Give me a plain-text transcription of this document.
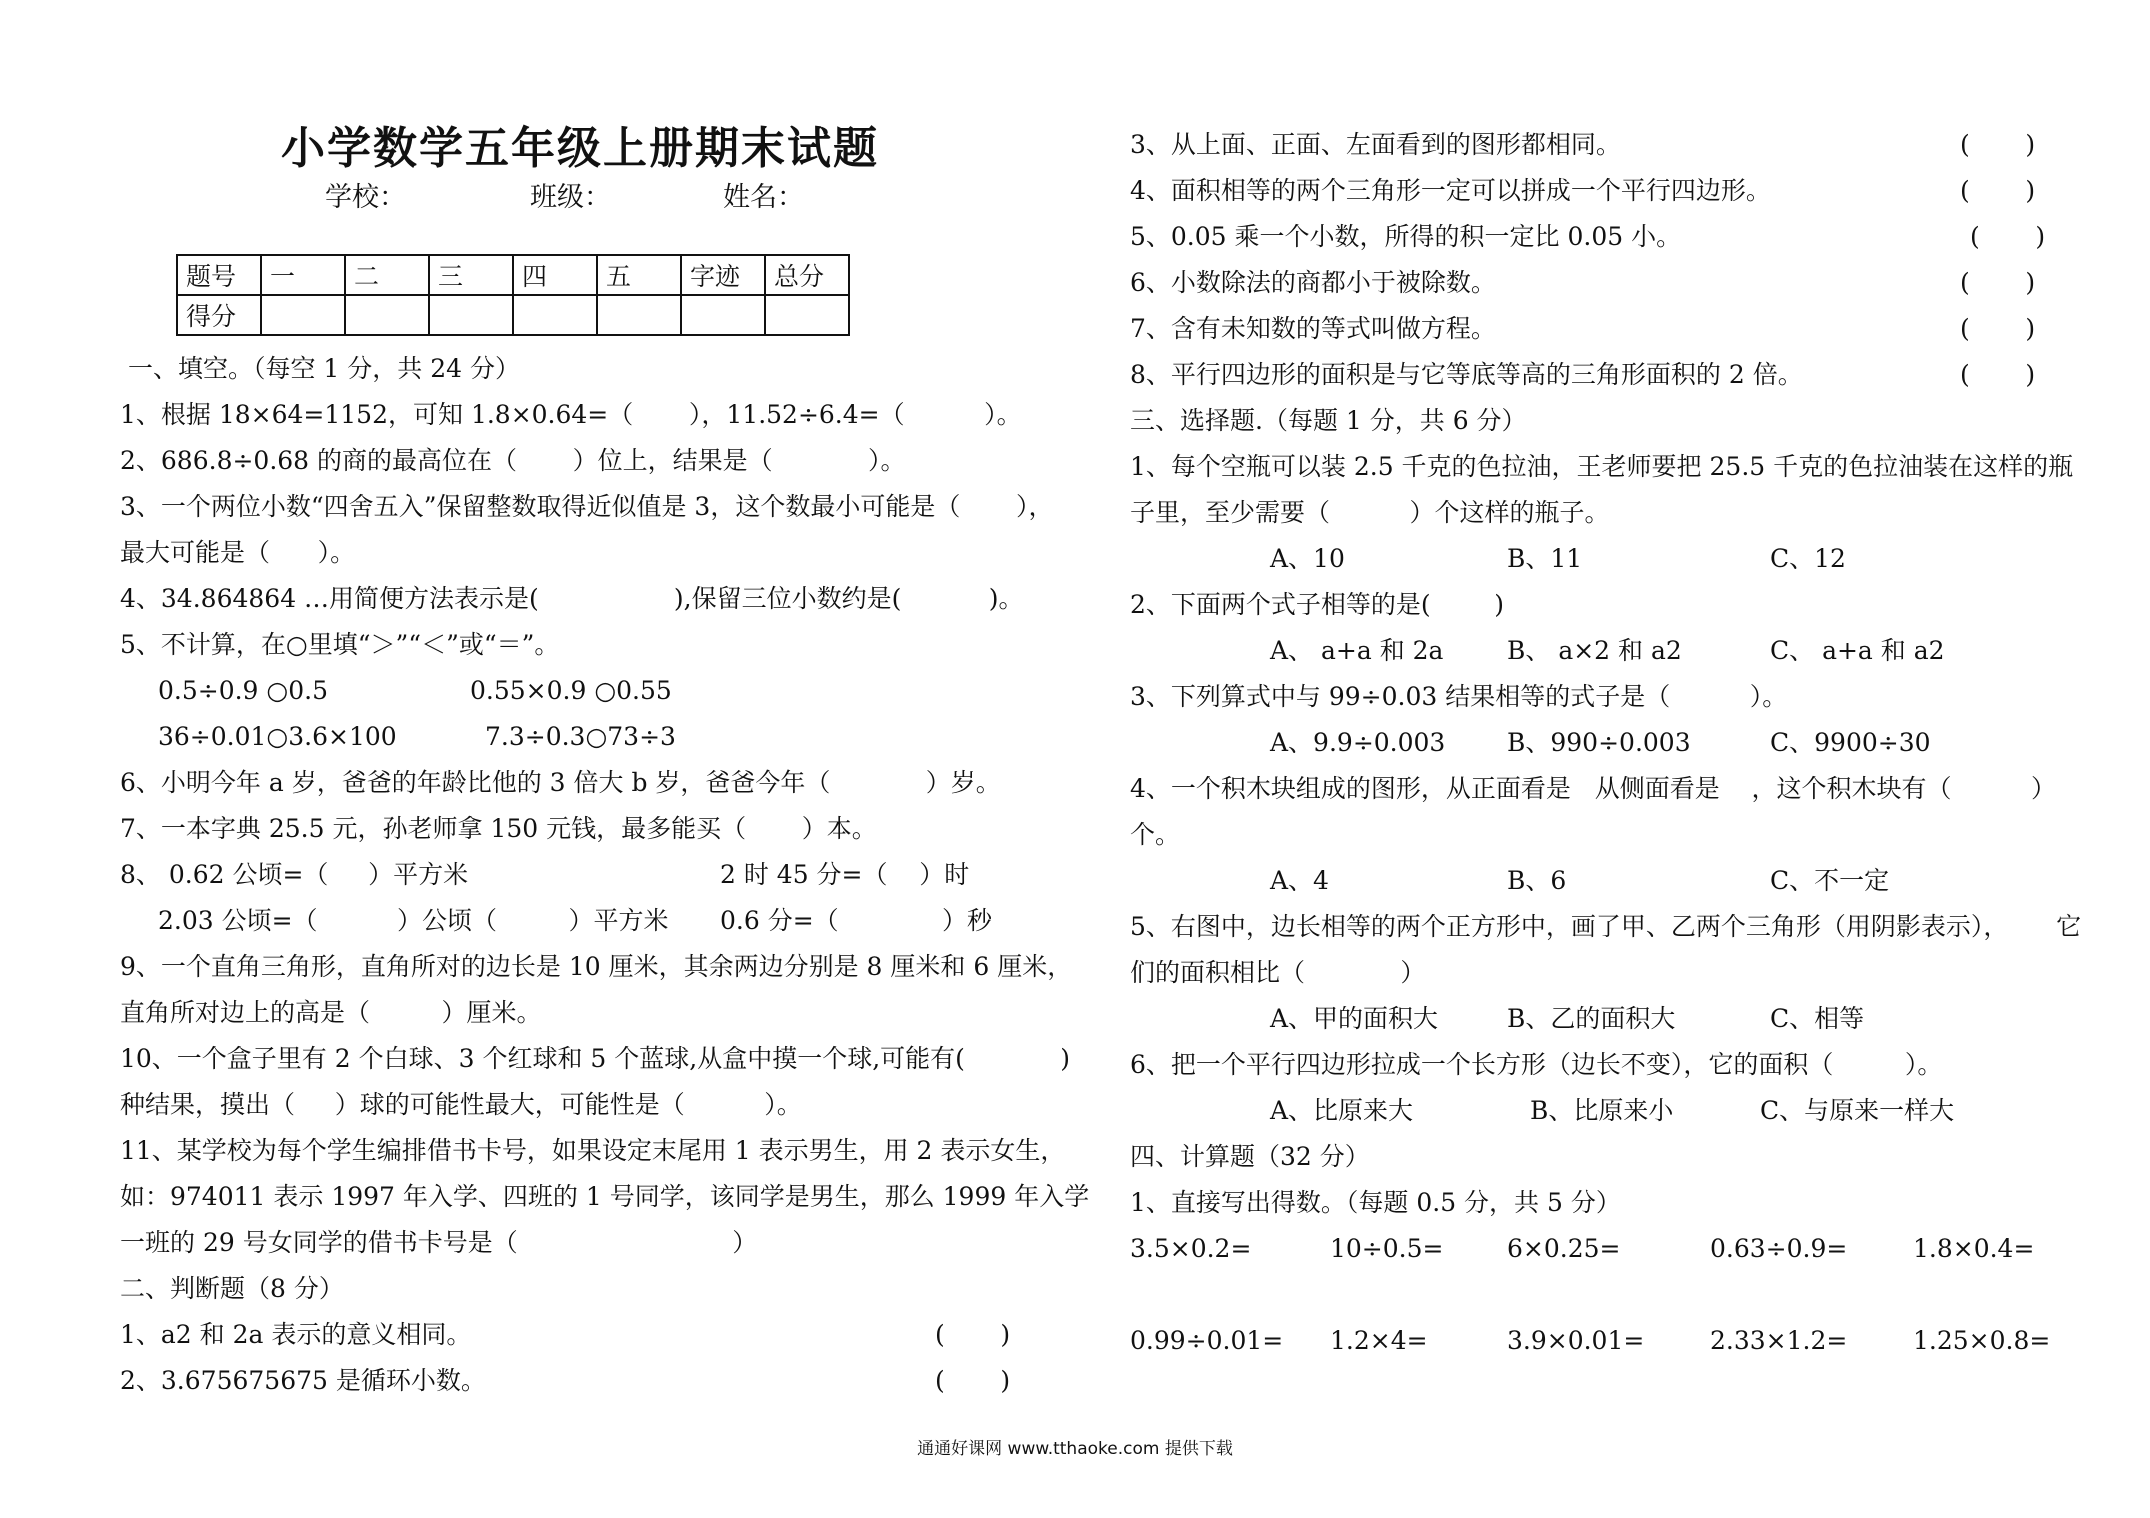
小学数学五年级上册期末试题
学校：	班级：	姓名：
题号	一	二	三	四	五	字迹	总分
得分							
一、填空。（每空 1 分，共 24 分）
1、根据 18×64=1152，可知 1.8×0.64=（       ），11.52÷6.4=（          ）。
2、686.8÷0.68 的商的最高位在（       ）位上，结果是（            ）。
3、一个两位小数“四舍五入”保留整数取得近似值是 3，这个数最小可能是（       ），
最大可能是（      ）。
4、34.864864 …用简便方法表示是(                 ),保留三位小数约是(           )。
5、不计算，在○里填“＞”“＜”或“＝”。
0.5÷0.9 ○0.5	0.55×0.9 ○0.55
36÷0.01○3.6×100	7.3÷0.3○73÷3
6、小明今年 a 岁，爸爸的年龄比他的 3 倍大 b 岁，爸爸今年（            ）岁。
7、一本字典 25.5 元，孙老师拿 150 元钱，最多能买（       ）本。
8、 0.62 公顷=（     ）平方米	2 时 45 分=（    ）时
2.03 公顷=（          ）公顷（         ）平方米 0.6 分=（             ）秒
9、一个直角三角形，直角所对的边长是 10 厘米，其余两边分别是 8 厘米和 6 厘米，
直角所对边上的高是（         ）厘米。
10、一个盒子里有 2 个白球、3 个红球和 5 个蓝球,从盒中摸一个球,可能有(            )
种结果，摸出（     ）球的可能性最大，可能性是（          ）。
11、某学校为每个学生编排借书卡号，如果设定末尾用 1 表示男生，用 2 表示女生，
如：974011 表示 1997 年入学、四班的 1 号同学，该同学是男生，那么 1999 年入学
一班的 29 号女同学的借书卡号是（                           ）
二、判断题（8 分）
1、a2 和 2a 表示的意义相同。	(       )
2、3.675675675 是循环小数。	(       )
3、从上面、正面、左面看到的图形都相同。	(       )
4、面积相等的两个三角形一定可以拼成一个平行四边形。	(       )
5、0.05 乘一个小数，所得的积一定比 0.05 小。	(       )
6、小数除法的商都小于被除数。	(       )
7、含有未知数的等式叫做方程。	(       )
8、平行四边形的面积是与它等底等高的三角形面积的 2 倍。	(       )
三、选择题.（每题 1 分，共 6 分）
1、每个空瓶可以装 2.5 千克的色拉油，王老师要把 25.5 千克的色拉油装在这样的瓶
子里，至少需要（          ）个这样的瓶子。
A、10	B、11	C、12
2、下面两个式子相等的是(        )
A、 a+a 和 2a	B、 a×2 和 a2	C、 a+a 和 a2
3、下列算式中与 99÷0.03 结果相等的式子是（          ）。
A、9.9÷0.003 B、990÷0.003	C、9900÷30
4、一个积木块组成的图形，从正面看是   从侧面看是    ，这个积木块有（          ）
个。
A、4	B、6	C、不一定
5、右图中，边长相等的两个正方形中，画了甲、乙两个三角形（用阴影表示），      它
们的面积相比（            ）
A、甲的面积大	B、乙的面积大	C、相等
6、把一个平行四边形拉成一个长方形（边长不变），它的面积（         ）。
A、比原来大	B、比原来小	C、与原来一样大
四、计算题（32 分）
1、直接写出得数。（每题 0.5 分，共 5 分）
3.5×0.2=	10÷0.5=	6×0.25=	0.63÷0.9=	1.8×0.4=
0.99÷0.01= 1.2×4=	3.9×0.01=	2.33×1.2=	1.25×0.8=
通通好课网 www.tthaoke.com 提供下载
